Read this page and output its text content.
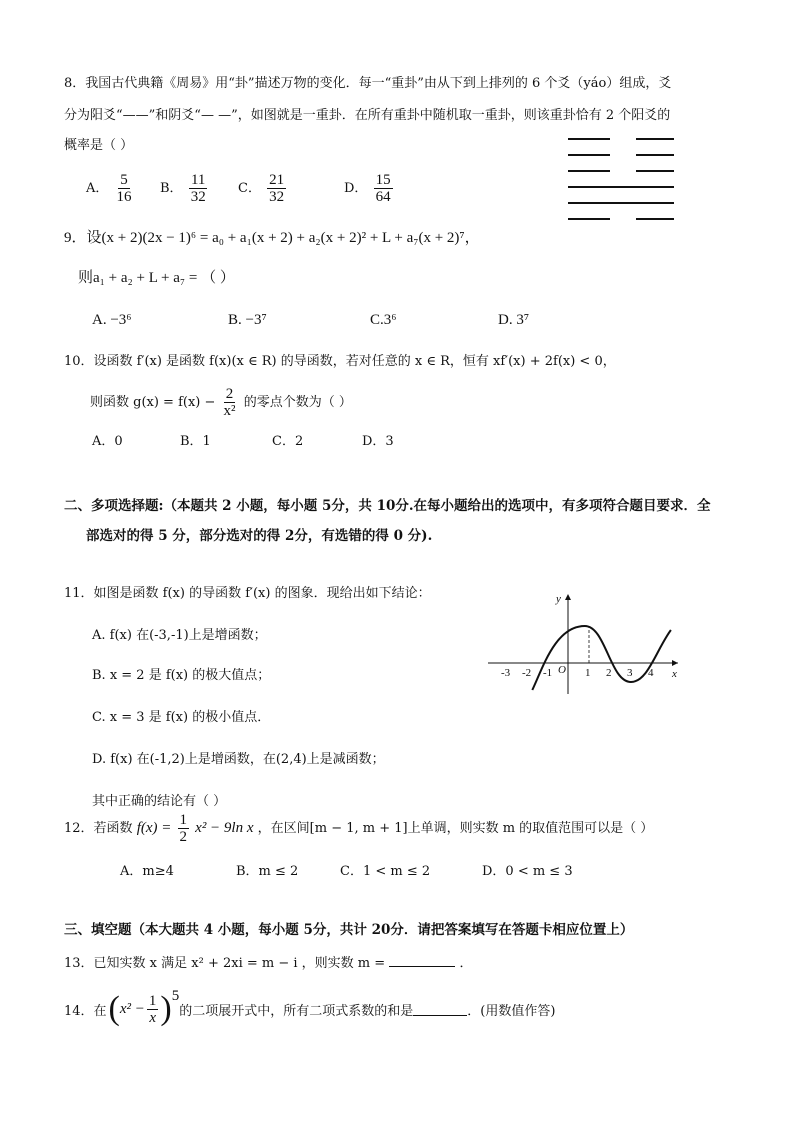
8．我国古代典籍《周易》用“卦”描述万物的变化．每一“重卦”由从下到上排列的 6 个爻（yáo）组成，爻
分为阳爻“——”和阴爻“— —”，如图就是一重卦．在所有重卦中随机取一重卦，则该重卦恰有 2 个阳爻的
概率是（ ）
A． $\frac{5}{16}$ B． $\frac{11}{32}$ C． $\frac{21}{32}$	D． $\frac{15}{64}$
9．设(x + 2)(2x − 1)⁶ = a₀ + a₁(x + 2) + a₂(x + 2)² + L + a₇(x + 2)⁷，
则a₁ + a₂ + L + a₇ = （ ）
A. −3⁶	B. −3⁷	C.3⁶	D. 3⁷
10．设函数 f′(x) 是函数 f(x)(x ∈ R) 的导函数，若对任意的 x ∈ R，恒有 xf′(x) + 2f(x) < 0，
则函数 $g(x) = f(x) - \frac{2}{\text{x²}}$ 的零点个数为（ ）
A．0	B．1	C．2	D．3
二、多项选择题:（本题共 2 小题，每小题 5分，共 10分.在每小题给出的选项中，有多项符合题目要求．全
部选对的得 5 分，部分选对的得 2分，有选错的得 0 分).
11．如图是函数 f(x) 的导函数 f′(x) 的图象．现给出如下结论：
A. f(x) 在(-3,-1)上是增函数；
B. x = 2 是 f(x) 的极大值点；
C. x = 3 是 f(x) 的极小值点．
D. f(x) 在(-1,2)上是增函数，在(2,4)上是减函数；
其中正确的结论有（ ）
y
x
O
-3 -2 -1	1 2 3 4
12．若函数 $f(x) = \frac{1}{2} x^2 - 9\ln$ x ，在区间[m − 1, m + 1]上单调，则实数 m 的取值范围可以是（ ）
A．m≥4	B．m ≤ 2	C．1 < m ≤ 2	D．0 < m ≤ 3
三、填空题（本大题共 4 小题，每小题 5分，共计 20分．请把答案填写在答题卡相应位置上）
13．已知实数 x 满足 x² + 2xi = m − i ，则实数 m =	．
14．在 ( $x^2 - \frac{1}{x}$ ) 5
的二项展开式中，所有二项式系数的和是	．(用数值作答)
